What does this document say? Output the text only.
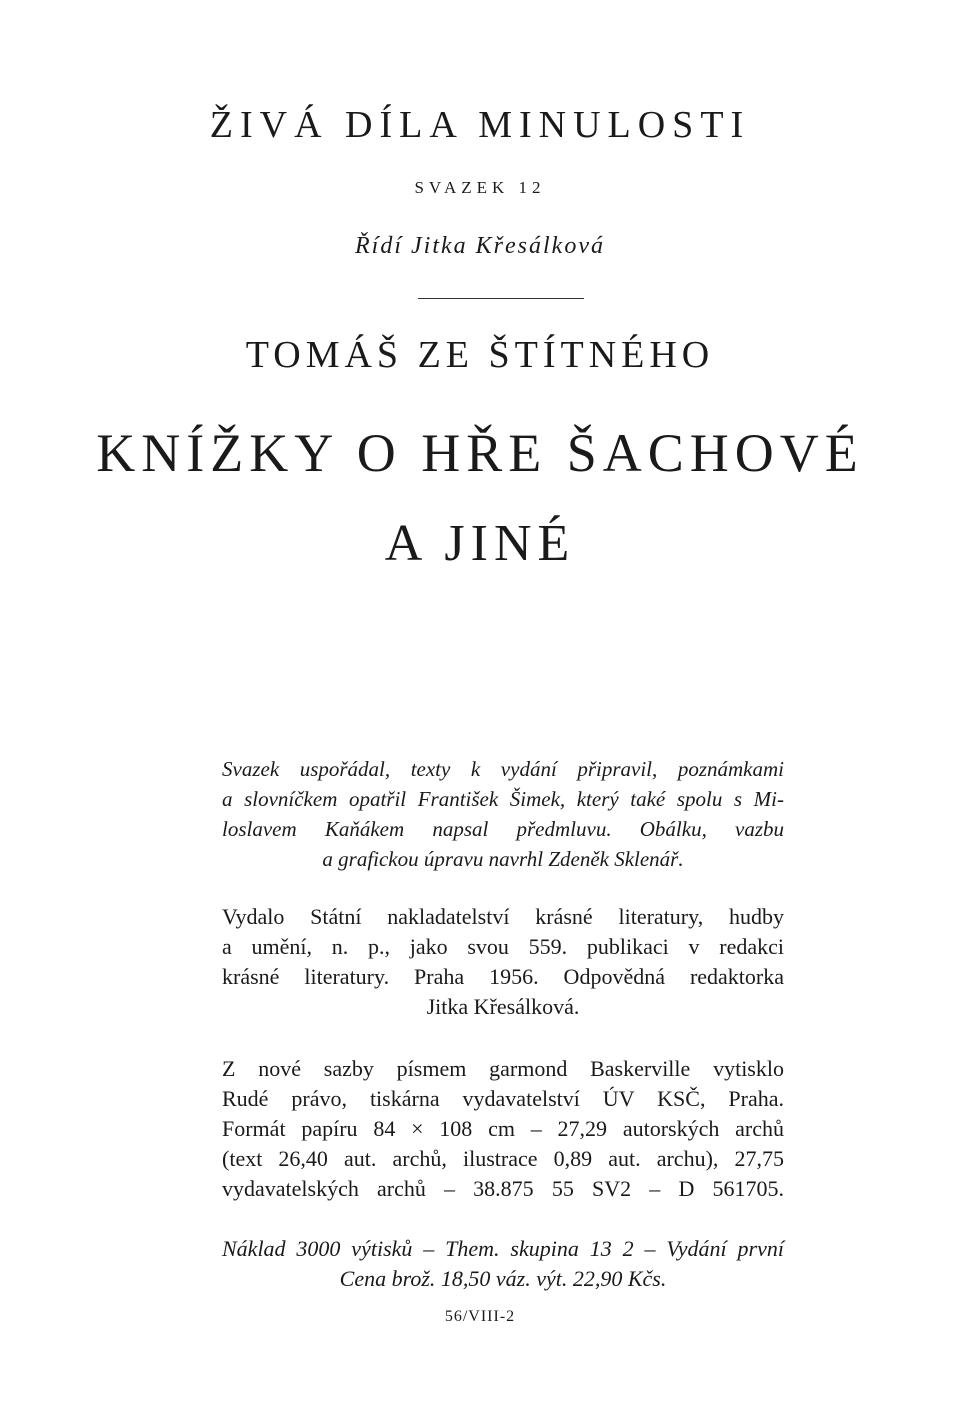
ŽIVÁ DÍLA MINULOSTI
SVAZEK 12
Řídí Jitka Křesálková
TOMÁŠ ZE ŠTÍTNÉHO
KNÍŽKY O HŘE ŠACHOVÉ
A JINÉ
Svazek uspořádal, texty k vydání připravil, poznámkami
a slovníčkem opatřil František Šimek, který také spolu s Mi-
loslavem Kaňákem napsal předmluvu. Obálku, vazbu
a grafickou úpravu navrhl Zdeněk Sklenář.
Vydalo Státní nakladatelství krásné literatury, hudby
a umění, n. p., jako svou 559. publikaci v redakci
krásné literatury. Praha 1956. Odpovědná redaktorka
Jitka Křesálková.
Z nové sazby písmem garmond Baskerville vytisklo
Rudé právo, tiskárna vydavatelství ÚV KSČ, Praha.
Formát papíru 84 × 108 cm – 27,29 autorských archů
(text 26,40 aut. archů, ilustrace 0,89 aut. archu), 27,75
vydavatelských archů – 38.875 55 SV2 – D 561705.
Náklad 3000 výtisků – Them. skupina 13 2 – Vydání první
Cena brož. 18,50 váz. výt. 22,90 Kčs.
56/VIII-2
